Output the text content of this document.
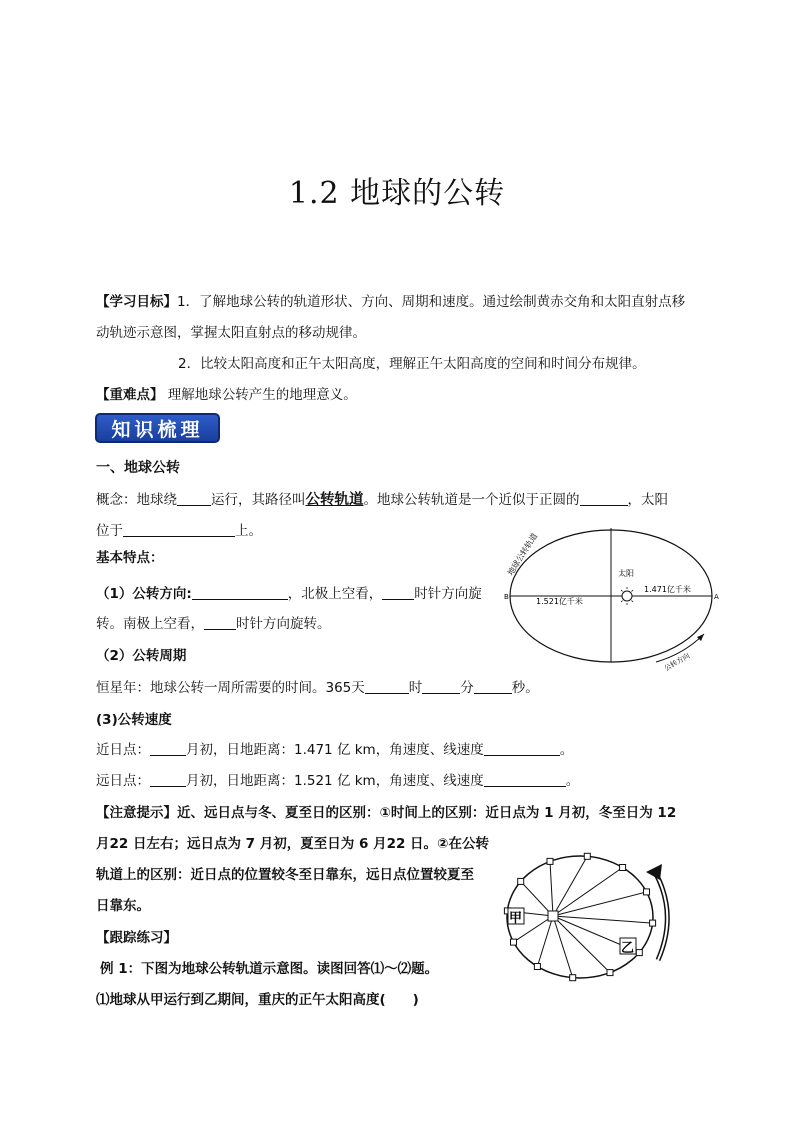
1.2 地球的公转
【学习目标】1．了解地球公转的轨道形状、方向、周期和速度。通过绘制黄赤交角和太阳直射点移
动轨迹示意图，掌握太阳直射点的移动规律。
2．比较太阳高度和正午太阳高度，理解正午太阳高度的空间和时间分布规律。
【重难点】 理解地球公转产生的地理意义。
知识梳理
一、地球公转
概念：地球绕	运行，其路径叫公转轨道。地球公转轨道是一个近似于正圆的	，太阳
位于	上。
基本特点：
（1）公转方向:	，北极上空看， 时针方向旋
转。南极上空看， 时针方向旋转。
（2）公转周期
恒星年：地球公转一周所需要的时间。365天	时	分	秒。
(3)公转速度
近日点：	月初，日地距离：1.471 亿 km，角速度、线速度	。
远日点：	月初，日地距离：1.521 亿 km，角速度、线速度	。
【注意提示】近、远日点与冬、夏至日的区别：①时间上的区别：近日点为 1 月初，冬至日为 12
月22 日左右；远日点为 7 月初，夏至日为 6 月22 日。②在公转
轨道上的区别：近日点的位置较冬至日靠东，远日点位置较夏至
日靠东。
【跟踪练习】
例 1：下图为地球公转轨道示意图。读图回答⑴～⑵题。
⑴地球从甲运行到乙期间，重庆的正午太阳高度(　　)
太阳
1.521亿千米
1.471亿千米
B	A
地球公转轨道
公转方向
甲
乙
